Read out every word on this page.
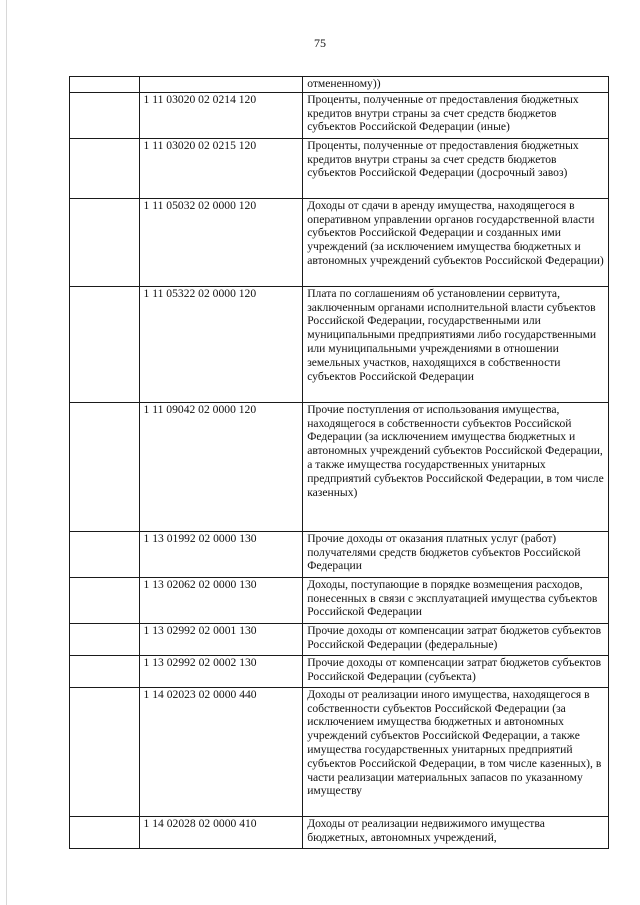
75
		отмененному))
	1 11 03020 02 0214 120	Проценты, полученные от предоставления бюджетных кредитов внутри страны за счет средств бюджетов субъектов Российской Федерации (иные)
	1 11 03020 02 0215 120	Проценты, полученные от предоставления бюджетных кредитов внутри страны за счет средств бюджетов субъектов Российской Федерации (досрочный завоз)
	1 11 05032 02 0000 120	Доходы от сдачи в аренду имущества, находящегося в оперативном управлении органов государственной власти субъектов Российской Федерации и созданных ими учреждений (за исключением имущества бюджетных и автономных учреждений субъектов Российской Федерации)
	1 11 05322 02 0000 120	Плата по соглашениям об установлении сервитута, заключенным органами исполнительной власти субъектов Российской Федерации, государственными или муниципальными предприятиями либо государственными или муниципальными учреждениями в отношении земельных участков, находящихся в собственности субъектов Российской Федерации
	1 11 09042 02 0000 120	Прочие поступления от использования имущества, находящегося в собственности субъектов Российской Федерации (за исключением имущества бюджетных и автономных учреждений субъектов Российской Федерации, а также имущества государственных унитарных предприятий субъектов Российской Федерации, в том числе казенных)
	1 13 01992 02 0000 130	Прочие доходы от оказания платных услуг (работ) получателями средств бюджетов субъектов Российской Федерации
	1 13 02062 02 0000 130	Доходы, поступающие в порядке возмещения расходов, понесенных в связи с эксплуатацией имущества субъектов Российской Федерации
	1 13 02992 02 0001 130	Прочие доходы от компенсации затрат бюджетов субъектов Российской Федерации (федеральные)
	1 13 02992 02 0002 130	Прочие доходы от компенсации затрат бюджетов субъектов Российской Федерации (субъекта)
	1 14 02023 02 0000 440	Доходы от реализации иного имущества, находящегося в собственности субъектов Российской Федерации (за исключением имущества бюджетных и автономных учреждений субъектов Российской Федерации, а также имущества государственных унитарных предприятий субъектов Российской Федерации, в том числе казенных), в части реализации материальных запасов по указанному имуществу
	1 14 02028 02 0000 410	Доходы от реализации недвижимого имущества бюджетных, автономных учреждений,
